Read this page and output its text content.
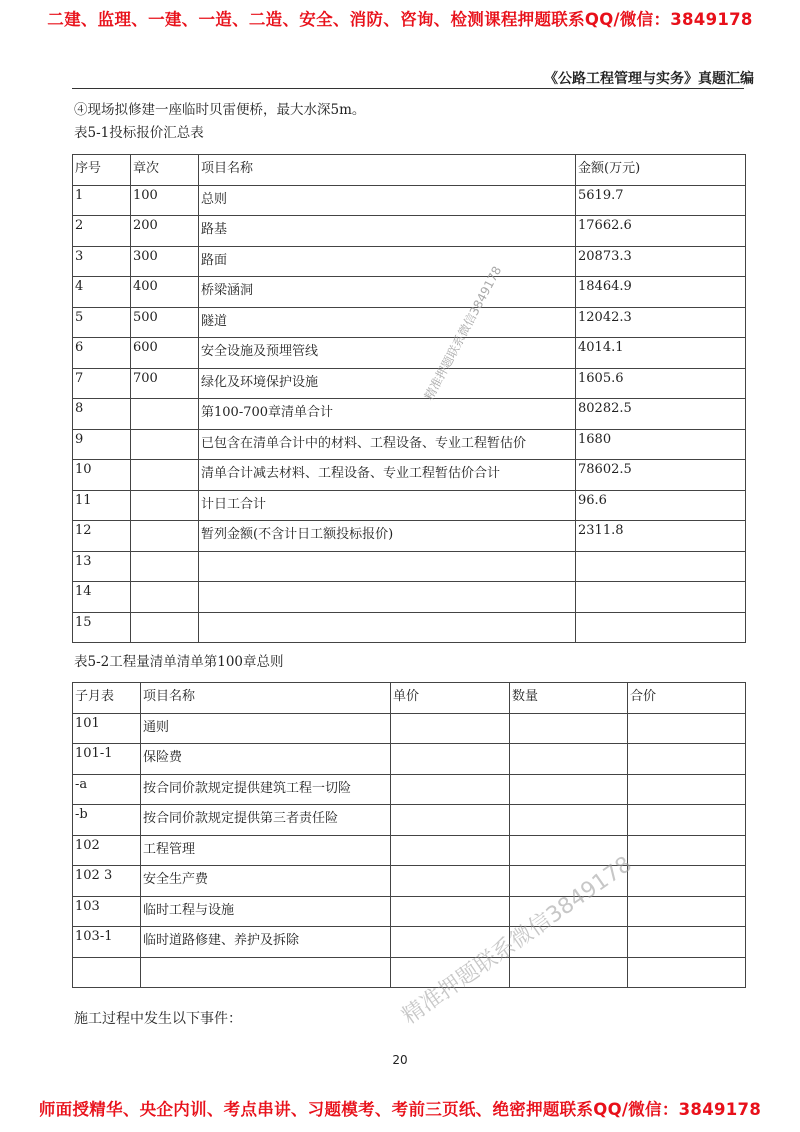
二建、监理、一建、一造、二造、安全、消防、咨询、检测课程押题联系QQ/微信：3849178
《公路工程管理与实务》真题汇编
④现场拟修建一座临时贝雷便桥，最大水深5m。
表5-1投标报价汇总表
序号	章次	项目名称	金额(万元)
1	100	总则	5619.7
2	200	路基	17662.6
3	300	路面	20873.3
4	400	桥梁涵洞	18464.9
5	500	隧道	12042.3
6	600	安全设施及预埋管线	4014.1
7	700	绿化及环境保护设施	1605.6
8		第100-700章清单合计	80282.5
9		已包含在清单合计中的材料、工程设备、专业工程暂估价	1680
10		清单合计减去材料、工程设备、专业工程暂估价合计	78602.5
11		计日工合计	96.6
12		暂列金额(不含计日工额投标报价)	2311.8
13			
14			
15			
表5-2工程量清单清单第100章总则
子月表	项目名称	单价	数量	合价
101	通则			
101-1	保险费			
-a	按合同价款规定提供建筑工程一切险			
-b	按合同价款规定提供第三者责任险			
102	工程管理			
102 3	安全生产费			
103	临时工程与设施			
103-1	临时道路修建、养护及拆除			

施工过程中发生以下事件：
20
师面授精华、央企内训、考点串讲、习题模考、考前三页纸、绝密押题联系QQ/微信：3849178
精准押题联系微信3849178
精准押题联系微信3849178
